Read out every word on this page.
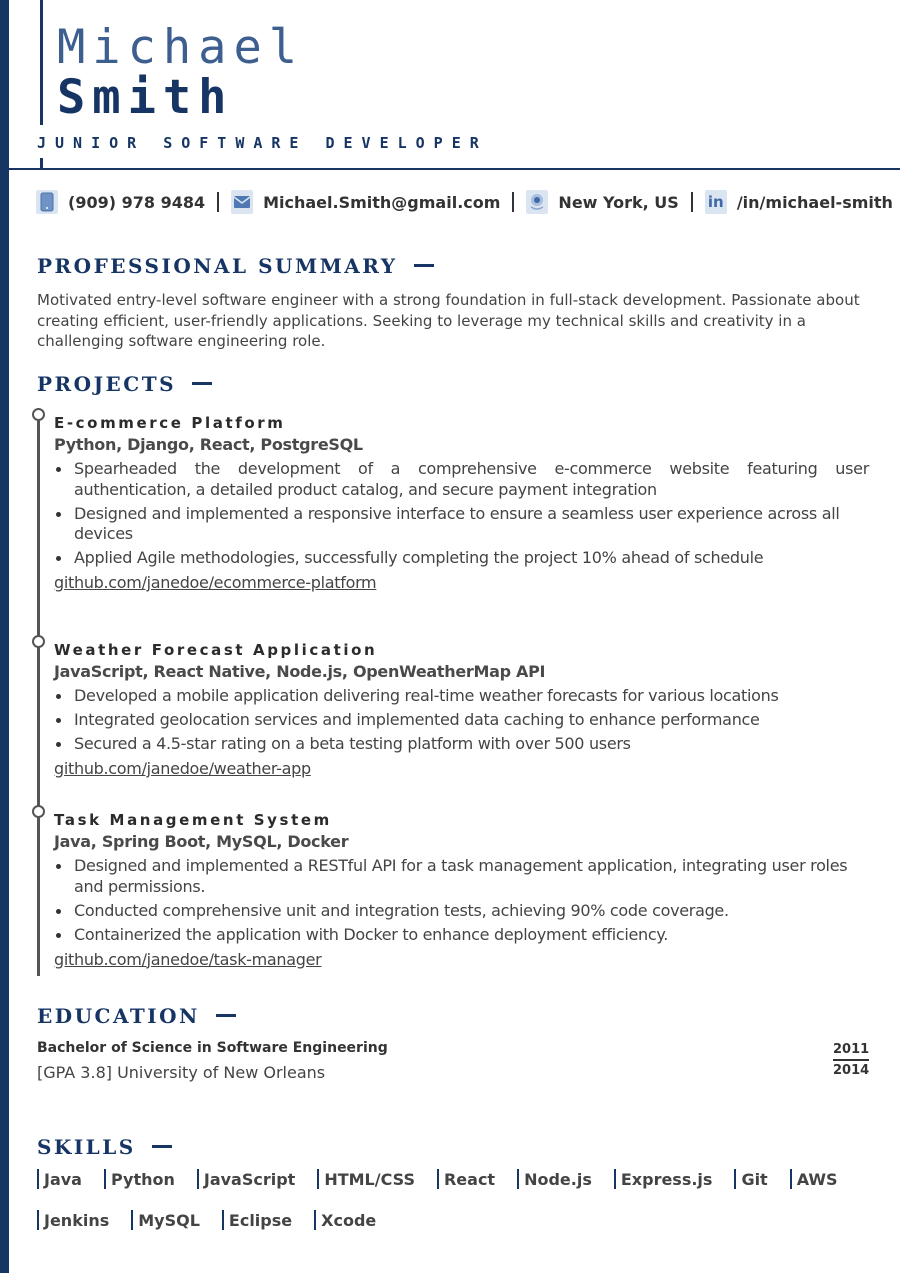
Michael
Smith
JUNIOR SOFTWARE DEVELOPER
(909) 978 9484	Michael.Smith@gmail.com	New York, US in /in/michael-smith
PROFESSIONAL SUMMARY
Motivated entry-level software engineer with a strong foundation in full-stack development. Passionate about creating efficient, user-friendly applications. Seeking to leverage my technical skills and creativity in a challenging software engineering role.
PROJECTS
E-commerce Platform
Python, Django, React, PostgreSQL
Spearheaded the development of a comprehensive e-commerce website featuring user authentication, a detailed product catalog, and secure payment integration
Designed and implemented a responsive interface to ensure a seamless user experience across all devices
Applied Agile methodologies, successfully completing the project 10% ahead of schedule
github.com/janedoe/ecommerce-platform
Weather Forecast Application
JavaScript, React Native, Node.js, OpenWeatherMap API
Developed a mobile application delivering real-time weather forecasts for various locations
Integrated geolocation services and implemented data caching to enhance performance
Secured a 4.5-star rating on a beta testing platform with over 500 users
github.com/janedoe/weather-app
Task Management System
Java, Spring Boot, MySQL, Docker
Designed and implemented a RESTful API for a task management application, integrating user roles and permissions.
Conducted comprehensive unit and integration tests, achieving 90% code coverage.
Containerized the application with Docker to enhance deployment efficiency.
github.com/janedoe/task-manager
EDUCATION
Bachelor of Science in Software Engineering
[GPA 3.8] University of New Orleans
2011
2014
SKILLS
Java Python JavaScript HTML/CSS React Node.js Express.js Git AWS
Jenkins MySQL Eclipse Xcode
